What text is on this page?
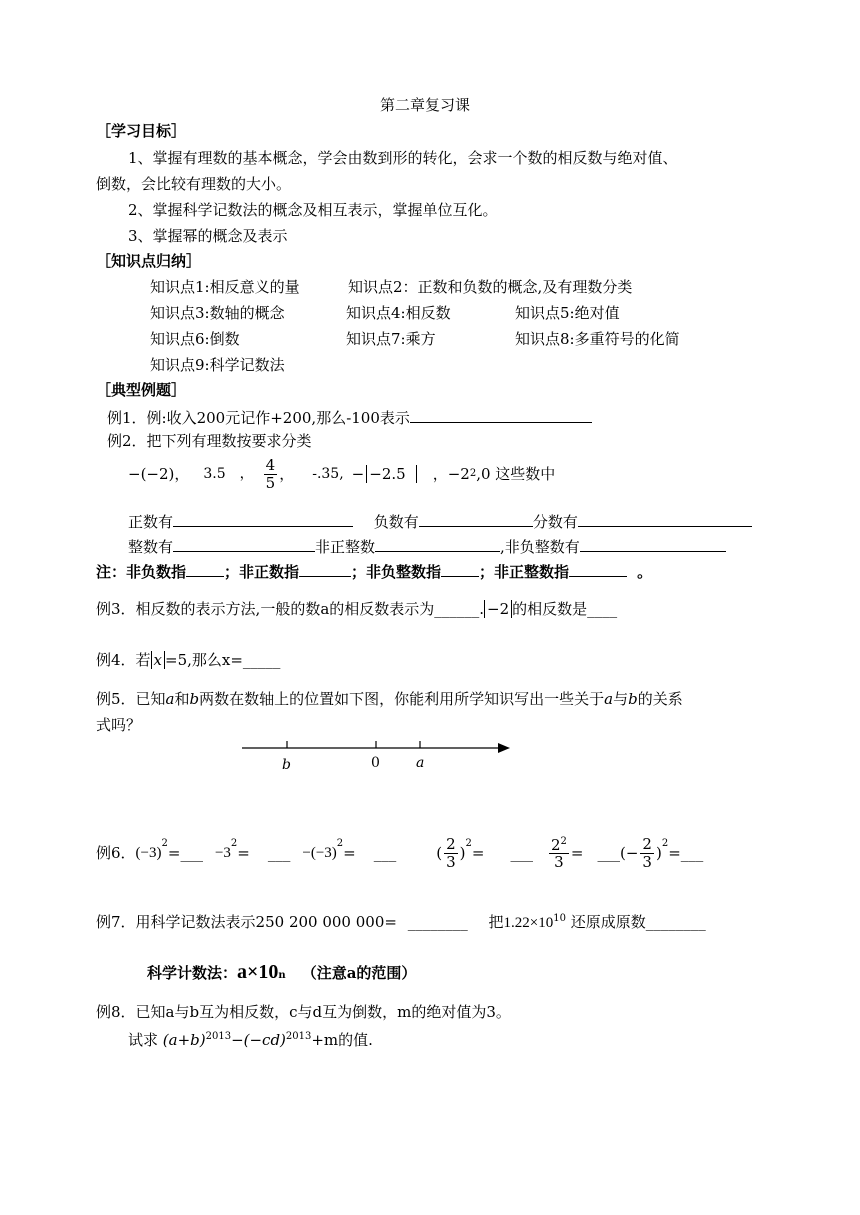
第二章复习课
［学习目标］
1、掌握有理数的基本概念，学会由数到形的转化，会求一个数的相反数与绝对值、
倒数，会比较有理数的大小。
2、掌握科学记数法的概念及相互表示，掌握单位互化。
3、掌握幂的概念及表示
［知识点归纳］
知识点1:相反意义的量	知识点2：正数和负数的概念,及有理数分类
知识点3:数轴的概念	知识点4:相反数	知识点5:绝对值
知识点6:倒数	知识点7:乘方	知识点8:多重符号的化简
知识点9:科学记数法
［典型例题］
例1．例:收入200元记作+200,那么-100表示
例2．把下列有理数按要求分类
−(−2)， 3.5　， $\frac{4}{5}$ ， -.35, − −2.5	，−2 2 ,0 这些数中
正数有	负数有	分数有
整数有	非正整数	,非负整数有
注：非负数指	；非正数指	；非负整数指	；非正整数指	。
例3．相反数的表示方法,一般的数a的相反数表示为______. −2 的相反数是____
例4．若 x =5,那么x=_____
例5．已知a和b两数在数轴上的位置如下图，你能利用所学知识写出一些关于a与b的关系
式吗？
b	0	a
例6． (−3)
$^2$
= ___ −3
$^2$
= ___ −(−3)
$^2$
= ___	( $\frac{2}{3}$ )
$^2$
= ___ $\frac{2^2}{3}$ = ___ ( − $\frac{2}{3}$ )
$^2$
= ___
例7．用科学记数法表示250 200 000 000= ________ 把$1.22\times 10^{10}$ 还原成原数________
科学计数法： $a\times 10_n$ （注意a的范围）
例8．已知a与b互为相反数，c与d互为倒数，m的绝对值为3。
试求 $(a+b)^{2013}-(-cd)^{2013}+m$的值.
